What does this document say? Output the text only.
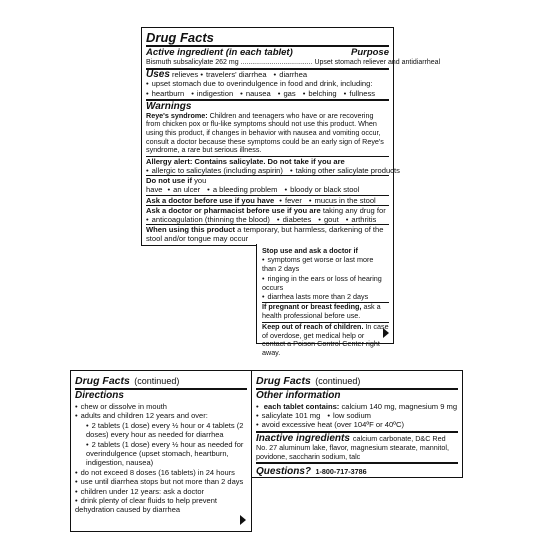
Drug Facts
Active ingredient (in each tablet)	Purpose
Bismuth subsalicylate 262 mg ..................................... Upset stomach reliever and antidiarrheal
Uses relieves • travelers' diarrhea • diarrhea
• upset stomach due to overindulgence in food and drink, including:
• heartburn • indigestion • nausea • gas • belching • fullness
Warnings
Reye's syndrome: Children and teenagers who have or are recovering from chicken pox or flu-like symptoms should not use this product. When using this product, if changes in behavior with nausea and vomiting occur, consult a doctor because these symptoms could be an early sign of Reye's syndrome, a rare but serious illness.
Allergy alert: Contains salicylate. Do not take if you are
• allergic to salicylates (including aspirin) • taking other salicylate products
Do not use if you have • an ulcer • a bleeding problem • bloody or black stool
Ask a doctor before use if you have • fever • mucus in the stool
Ask a doctor or pharmacist before use if you are taking any drug for
• anticoagulation (thinning the blood) • diabetes • gout • arthritis
When using this product a temporary, but harmless, darkening of the stool and/or tongue may occur
Stop use and ask a doctor if
• symptoms get worse or last more than 2 days
• ringing in the ears or loss of hearing occurs
• diarrhea lasts more than 2 days
If pregnant or breast feeding, ask a health professional before use.
Keep out of reach of children. In case of overdose, get medical help or contact a Poison Control Center right away.
Drug Facts (continued)
Directions
• chew or dissolve in mouth
• adults and children 12 years and over:
• 2 tablets (1 dose) every ½ hour or 4 tablets (2 doses) every hour as needed for diarrhea
• 2 tablets (1 dose) every ½ hour as needed for overindulgence (upset stomach, heartburn, indigestion, nausea)
• do not exceed 8 doses (16 tablets) in 24 hours
• use until diarrhea stops but not more than 2 days
• children under 12 years: ask a doctor
• drink plenty of clear fluids to help prevent dehydration caused by diarrhea
Drug Facts (continued)
Other information
• each tablet contains: calcium 140 mg, magnesium 9 mg
• salicylate 101 mg • low sodium
• avoid excessive heat (over 104ºF or 40ºC)
Inactive ingredients calcium carbonate, D&C Red No. 27 aluminum lake, flavor, magnesium stearate, mannitol, povidone, saccharin sodium, talc
Questions? 1-800-717-3786
